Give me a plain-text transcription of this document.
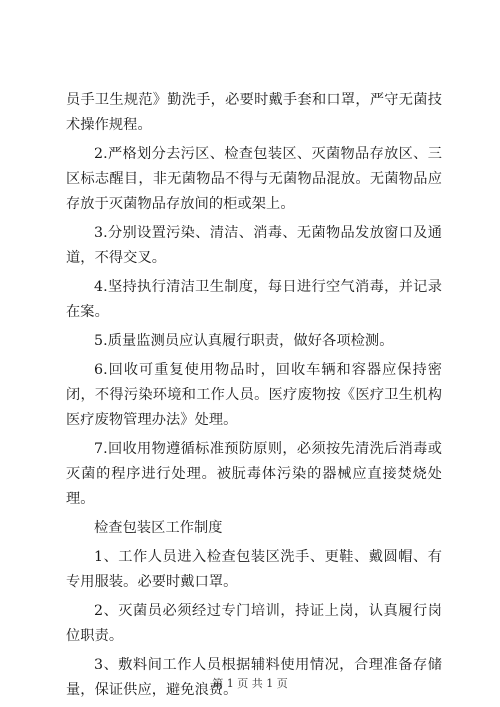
员手卫生规范》勤洗手，必要时戴手套和口罩，严守无菌技术操作规程。

2.严格划分去污区、检查包装区、灭菌物品存放区、三区标志醒目，非无菌物品不得与无菌物品混放。无菌物品应存放于灭菌物品存放间的柜或架上。

3.分别设置污染、清洁、消毒、无菌物品发放窗口及通道，不得交叉。

4.坚持执行清洁卫生制度，每日进行空气消毒，并记录在案。

5.质量监测员应认真履行职责，做好各项检测。

6.回收可重复使用物品时，回收车辆和容器应保持密闭，不得污染环境和工作人员。医疗废物按《医疗卫生机构医疗废物管理办法》处理。

7.回收用物遵循标准预防原则，必须按先清洗后消毒或灭菌的程序进行处理。被朊毒体污染的器械应直接焚烧处理。

检查包装区工作制度

1、工作人员进入检查包装区洗手、更鞋、戴圆帽、有专用服装。必要时戴口罩。

2、灭菌员必须经过专门培训，持证上岗，认真履行岗位职责。

3、敷料间工作人员根据辅料使用情况，合理准备存储量，保证供应，避免浪费。

第 1 页 共 1 页
